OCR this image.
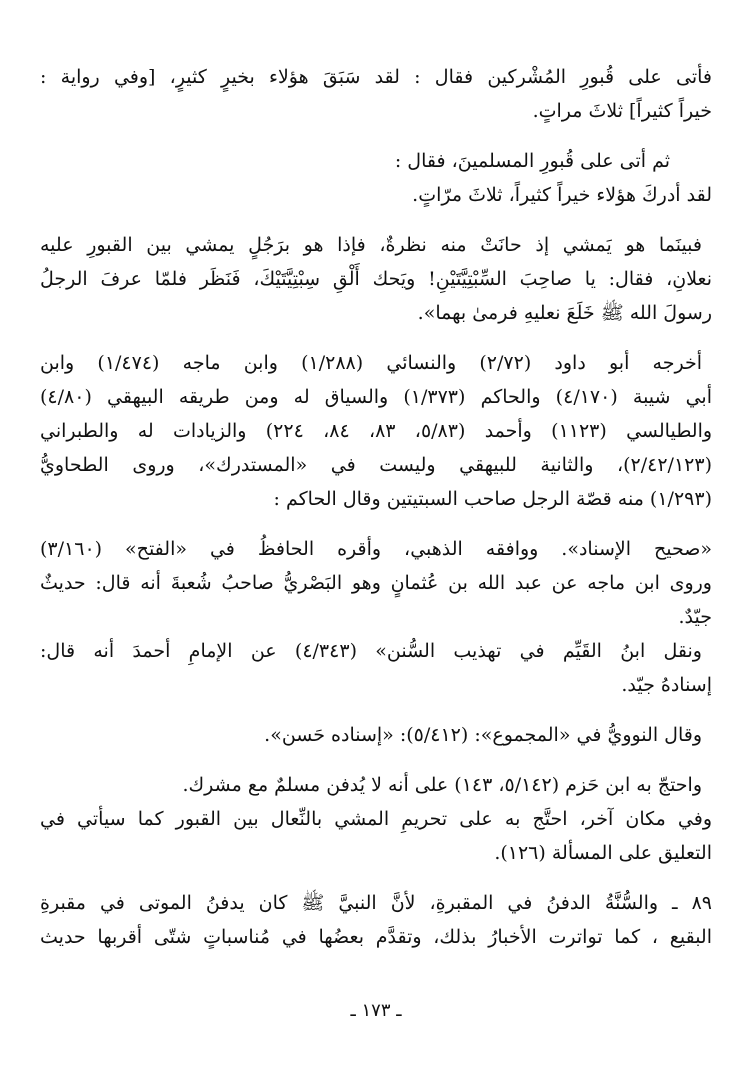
فأتى على قُبورِ المُشْركين فقال : لقد سَبَقَ هؤلاء بخيرٍ كثيرٍ، [وفي رواية :
خيراً كثيراً] ثلاثَ مراتٍ.
ثم أتى على قُبورِ المسلمينَ، فقال :
لقد أدركَ هؤلاء خيراً كثيراً، ثلاثَ مرّاتٍ.
فبينَما هو يَمشي إذ حانَتْ منه نظرةٌ، فإذا هو برَجُلٍ يمشي بين القبورِ عليه
نعلانِ، فقال: يا صاحِبَ السِّبْتِيَّتَيْنِ! ويَحك أَلْقِ سِبْتِيَّتَيْكَ، فَنَظَر فلمّا عرفَ الرجلُ
رسولَ الله ﷺ خَلَعَ نعليهِ فرمىٰ بهما».
أخرجه أبو داود (٢/٧٢) والنسائي (١/٢٨٨) وابن ماجه (١/٤٧٤) وابن
أبي شيبة (٤/١٧٠) والحاكم (١/٣٧٣) والسياق له ومن طريقه البيهقي (٤/٨٠)
والطيالسي (١١٢٣) وأحمد (٥/٨٣، ٨٣، ٨٤، ٢٢٤) والزيادات له والطبراني
(٢/٤٢/١٢٣)، والثانية للبيهقي وليست في «المستدرك»، وروى الطحاويُّ
(١/٢٩٣) منه قصّة الرجل صاحب السبتيتين وقال الحاكم :
«صحيح الإسناد». ووافقه الذهبي، وأقره الحافظُ في «الفتح» (٣/١٦٠)
وروى ابن ماجه عن عبد الله بن عُثمانٍ وهو البَصْريُّ صاحبُ شُعبةَ أنه قال: حديثٌ
جيّدٌ.
ونقل ابنُ القَيِّم في تهذيب السُّنن» (٤/٣٤٣) عن الإمامِ أحمدَ أنه قال:
إسنادهُ جيّد.
وقال النوويُّ في «المجموع»: (٥/٤١٢): «إسناده حَسن».
واحتجّ به ابن حَزم (٥/١٤٢، ١٤٣) على أنه لا يُدفن مسلمٌ مع مشرك.
وفي مكان آخر، احتَّج به على تحريمِ المشي بالنِّعال بين القبور كما سيأتي في
التعليق على المسألة (١٢٦).
٨٩ ـ والسُّنَّةُ الدفنُ في المقبرةِ، لأنَّ النبيَّ ﷺ كان يدفنُ الموتى في مقبرةِ
البقيع ، كما تواترت الأخبارُ بذلك، وتقدَّم بعضُها في مُناسباتٍ شتّى أقربها حديث
ـ ١٧٣ ـ
